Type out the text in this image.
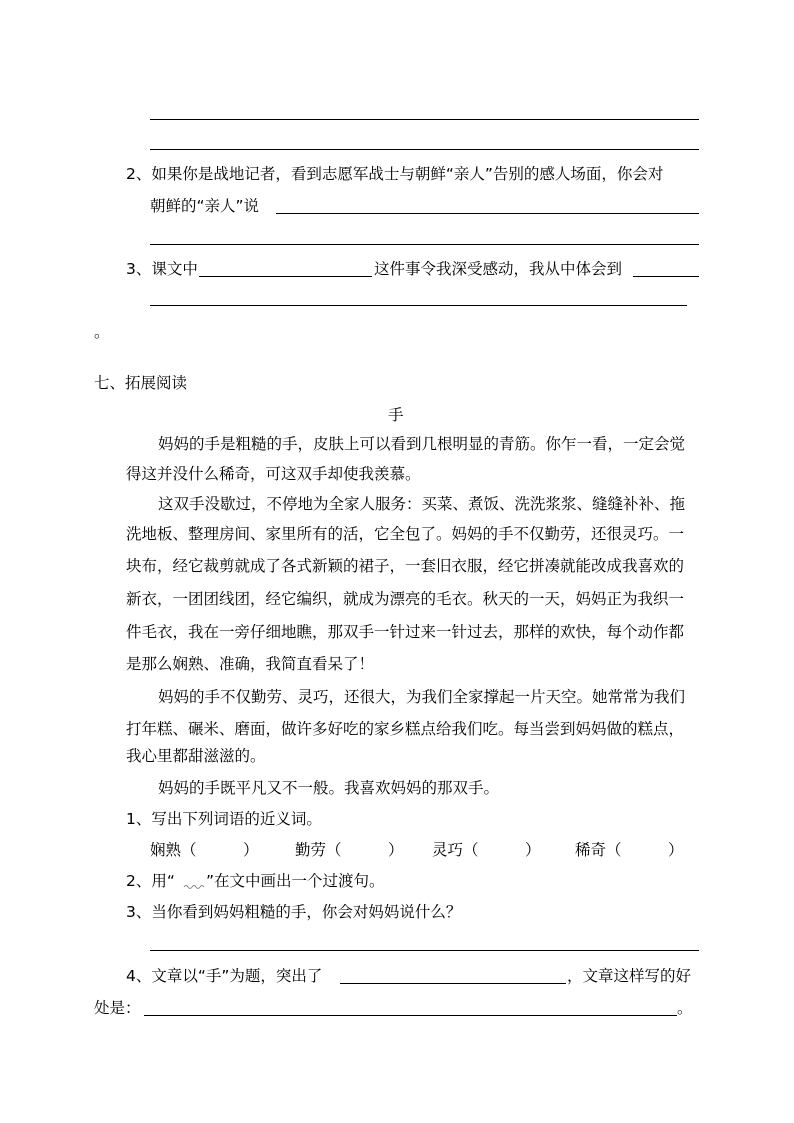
2、如果你是战地记者，看到志愿军战士与朝鲜“亲人”告别的感人场面，你会对
朝鲜的“亲人”说
3、课文中	这件事令我深受感动，我从中体会到
。
七、拓展阅读
手
妈妈的手是粗糙的手，皮肤上可以看到几根明显的青筋。你乍一看，一定会觉
得这并没什么稀奇，可这双手却使我羡慕。
这双手没歇过，不停地为全家人服务：买菜、煮饭、洗洗浆浆、缝缝补补、拖
洗地板、整理房间、家里所有的活，它全包了。妈妈的手不仅勤劳，还很灵巧。一
块布，经它裁剪就成了各式新颖的裙子，一套旧衣服，经它拼凑就能改成我喜欢的
新衣，一团团线团，经它编织，就成为漂亮的毛衣。秋天的一天，妈妈正为我织一
件毛衣，我在一旁仔细地瞧，那双手一针过来一针过去，那样的欢快，每个动作都
是那么娴熟、准确，我简直看呆了！
妈妈的手不仅勤劳、灵巧，还很大，为我们全家撑起一片天空。她常常为我们
打年糕、碾米、磨面，做许多好吃的家乡糕点给我们吃。每当尝到妈妈做的糕点，
我心里都甜滋滋的。
妈妈的手既平凡又不一般。我喜欢妈妈的那双手。
1、写出下列词语的近义词。
娴熟（	） 勤劳（	） 灵巧（	） 稀奇（	）
2、用“ ”在文中画出一个过渡句。
3、当你看到妈妈粗糙的手，你会对妈妈说什么？
4、文章以“手”为题，突出了	，文章这样写的好
处是：	。
